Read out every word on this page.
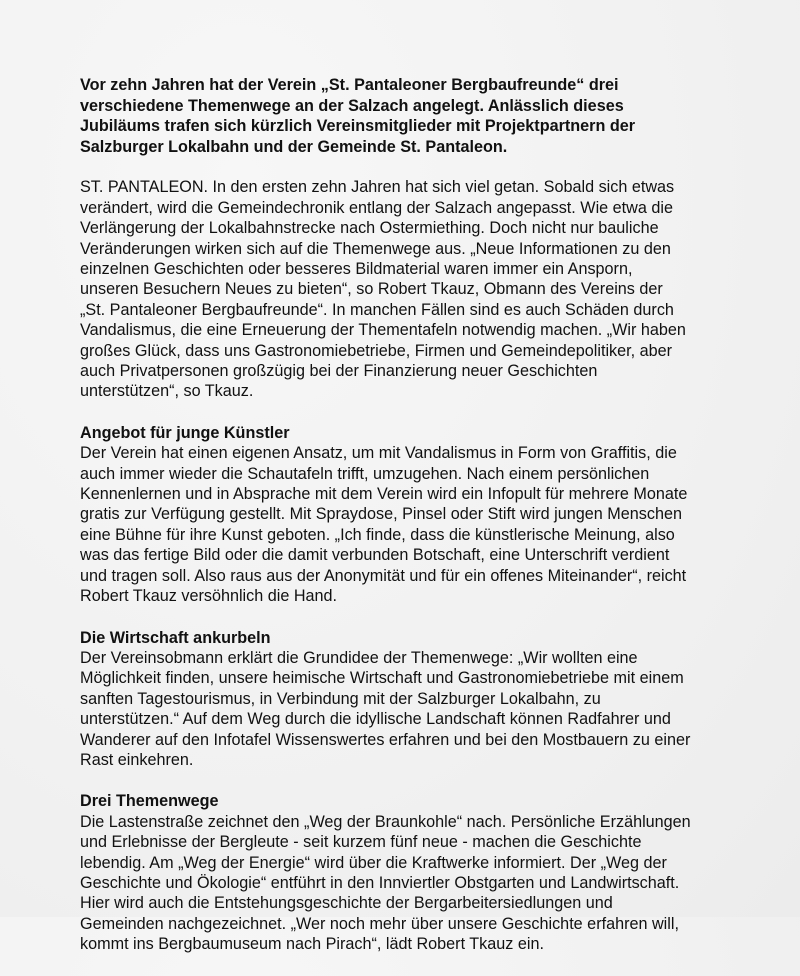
Vor zehn Jahren hat der Verein „St. Pantaleoner Bergbaufreunde“ drei
verschiedene Themenwege an der Salzach angelegt. Anlässlich dieses
Jubiläums trafen sich kürzlich Vereinsmitglieder mit Projektpartnern der
Salzburger Lokalbahn und der Gemeinde St. Pantaleon.
ST. PANTALEON. In den ersten zehn Jahren hat sich viel getan. Sobald sich etwas
verändert, wird die Gemeindechronik entlang der Salzach angepasst. Wie etwa die
Verlängerung der Lokalbahnstrecke nach Ostermiething. Doch nicht nur bauliche
Veränderungen wirken sich auf die Themenwege aus. „Neue Informationen zu den
einzelnen Geschichten oder besseres Bildmaterial waren immer ein Ansporn,
unseren Besuchern Neues zu bieten“, so Robert Tkauz, Obmann des Vereins der
„St. Pantaleoner Bergbaufreunde“. In manchen Fällen sind es auch Schäden durch
Vandalismus, die eine Erneuerung der Thementafeln notwendig machen. „Wir haben
großes Glück, dass uns Gastronomiebetriebe, Firmen und Gemeindepolitiker, aber
auch Privatpersonen großzügig bei der Finanzierung neuer Geschichten
unterstützen“, so Tkauz.
Angebot für junge Künstler
Der Verein hat einen eigenen Ansatz, um mit Vandalismus in Form von Graffitis, die
auch immer wieder die Schautafeln trifft, umzugehen. Nach einem persönlichen
Kennenlernen und in Absprache mit dem Verein wird ein Infopult für mehrere Monate
gratis zur Verfügung gestellt. Mit Spraydose, Pinsel oder Stift wird jungen Menschen
eine Bühne für ihre Kunst geboten. „Ich finde, dass die künstlerische Meinung, also
was das fertige Bild oder die damit verbunden Botschaft, eine Unterschrift verdient
und tragen soll. Also raus aus der Anonymität und für ein offenes Miteinander“, reicht
Robert Tkauz versöhnlich die Hand.
Die Wirtschaft ankurbeln
Der Vereinsobmann erklärt die Grundidee der Themenwege: „Wir wollten eine
Möglichkeit finden, unsere heimische Wirtschaft und Gastronomiebetriebe mit einem
sanften Tagestourismus, in Verbindung mit der Salzburger Lokalbahn, zu
unterstützen.“ Auf dem Weg durch die idyllische Landschaft können Radfahrer und
Wanderer auf den Infotafel Wissenswertes erfahren und bei den Mostbauern zu einer
Rast einkehren.
Drei Themenwege
Die Lastenstraße zeichnet den „Weg der Braunkohle“ nach. Persönliche Erzählungen
und Erlebnisse der Bergleute - seit kurzem fünf neue - machen die Geschichte
lebendig. Am „Weg der Energie“ wird über die Kraftwerke informiert. Der „Weg der
Geschichte und Ökologie“ entführt in den Innviertler Obstgarten und Landwirtschaft.
Hier wird auch die Entstehungsgeschichte der Bergarbeitersiedlungen und
Gemeinden nachgezeichnet. „Wer noch mehr über unsere Geschichte erfahren will,
kommt ins Bergbaumuseum nach Pirach“, lädt Robert Tkauz ein.
